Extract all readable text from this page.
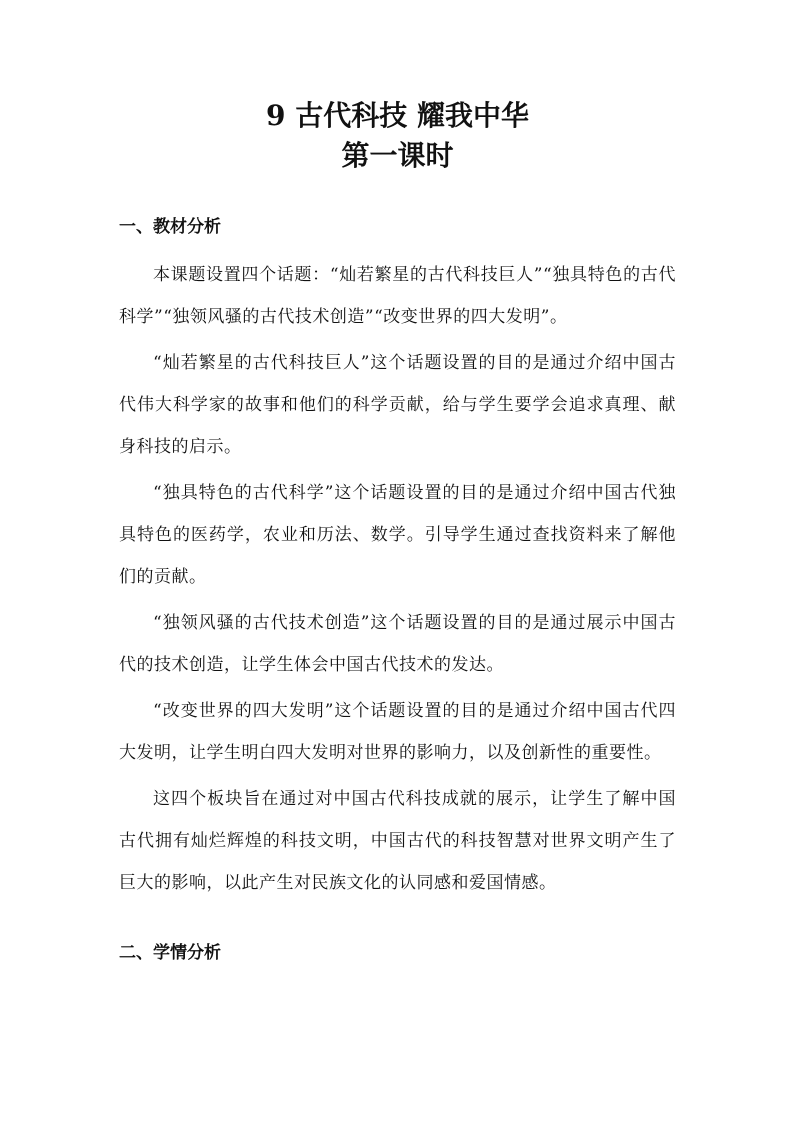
9 古代科技 耀我中华
第一课时
一、教材分析

本课题设置四个话题：“灿若繁星的古代科技巨人”“独具特色的古代科学”“独领风骚的古代技术创造”“改变世界的四大发明”。

“灿若繁星的古代科技巨人”这个话题设置的目的是通过介绍中国古代伟大科学家的故事和他们的科学贡献，给与学生要学会追求真理、献身科技的启示。

“独具特色的古代科学”这个话题设置的目的是通过介绍中国古代独具特色的医药学，农业和历法、数学。引导学生通过查找资料来了解他们的贡献。

“独领风骚的古代技术创造”这个话题设置的目的是通过展示中国古代的技术创造，让学生体会中国古代技术的发达。

“改变世界的四大发明”这个话题设置的目的是通过介绍中国古代四大发明，让学生明白四大发明对世界的影响力，以及创新性的重要性。

这四个板块旨在通过对中国古代科技成就的展示，让学生了解中国古代拥有灿烂辉煌的科技文明，中国古代的科技智慧对世界文明产生了巨大的影响，以此产生对民族文化的认同感和爱国情感。

二、学情分析
